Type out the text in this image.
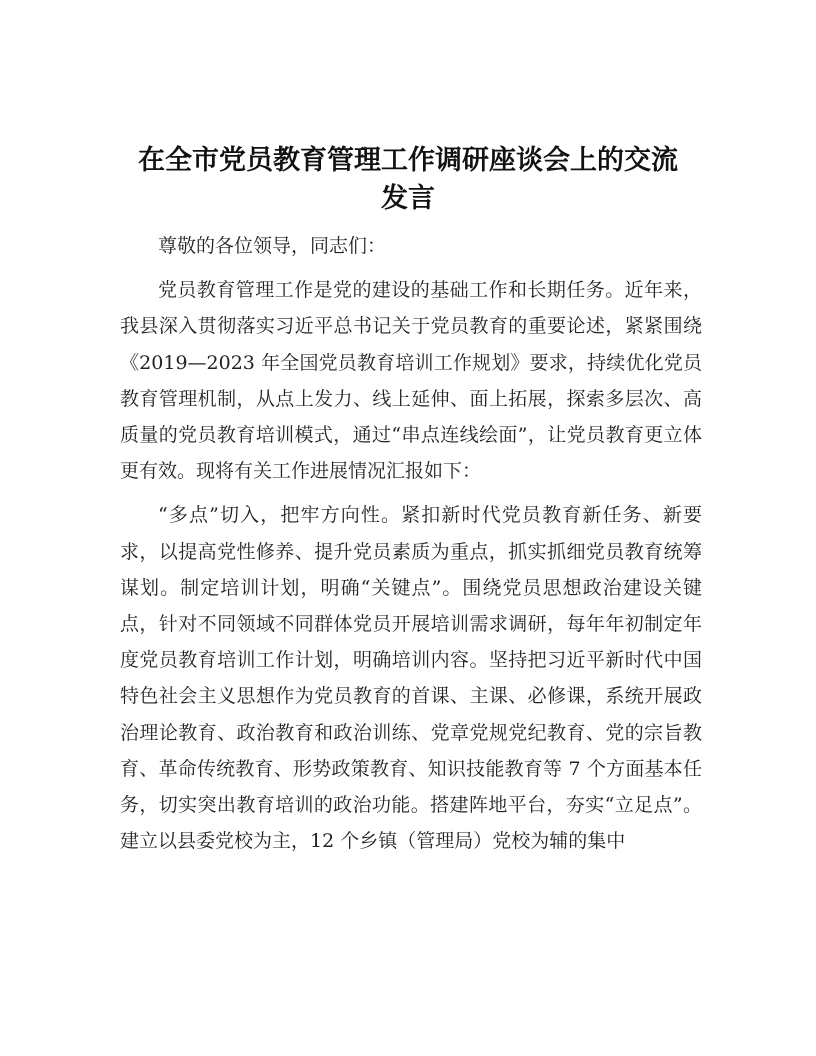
在全市党员教育管理工作调研座谈会上的交流
发言

尊敬的各位领导，同志们：

党员教育管理工作是党的建设的基础工作和长期任务。近年来，我县深入贯彻落实习近平总书记关于党员教育的重要论述，紧紧围绕《2019—2023 年全国党员教育培训工作规划》要求，持续优化党员教育管理机制，从点上发力、线上延伸、面上拓展，探索多层次、高质量的党员教育培训模式，通过“串点连线绘面”，让党员教育更立体更有效。现将有关工作进展情况汇报如下：

“多点”切入，把牢方向性。紧扣新时代党员教育新任务、新要求，以提高党性修养、提升党员素质为重点，抓实抓细党员教育统筹谋划。制定培训计划，明确“关键点”。围绕党员思想政治建设关键点，针对不同领域不同群体党员开展培训需求调研，每年年初制定年度党员教育培训工作计划，明确培训内容。坚持把习近平新时代中国特色社会主义思想作为党员教育的首课、主课、必修课，系统开展政治理论教育、政治教育和政治训练、党章党规党纪教育、党的宗旨教育、革命传统教育、形势政策教育、知识技能教育等 7 个方面基本任务，切实突出教育培训的政治功能。搭建阵地平台，夯实“立足点”。建立以县委党校为主，12 个乡镇（管理局）党校为辅的集中
